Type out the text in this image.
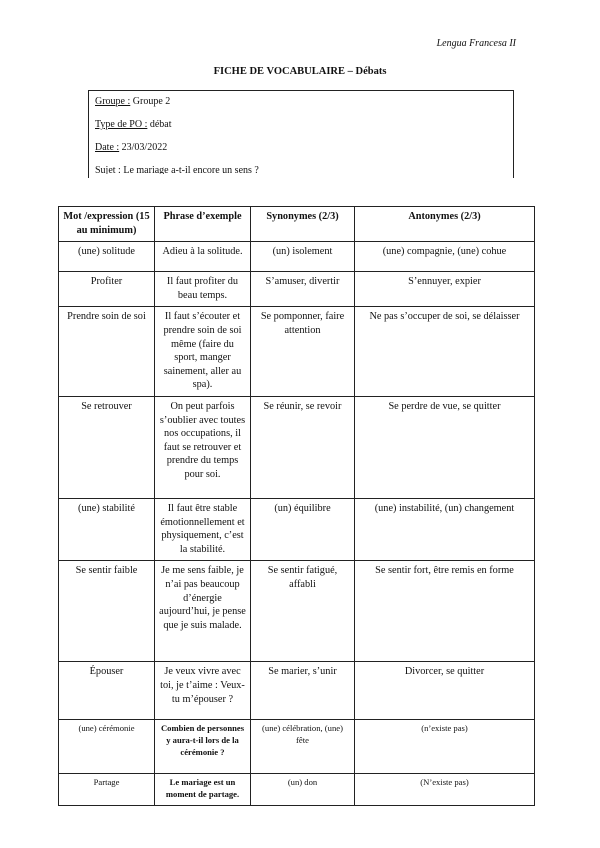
Lengua Francesa II
FICHE DE VOCABULAIRE – Débats
Groupe : Groupe 2
Type de PO : débat
Date : 23/03/2022
Sujet : Le mariage a-t-il encore un sens ?
Mot /expression (15 au minimum)	Phrase d’exemple	Synonymes (2/3)	Antonymes (2/3)
(une) solitude	Adieu à la solitude.	(un) isolement	(une) compagnie, (une) cohue
Profiter	Il faut profiter du beau temps.	S’amuser, divertir	S’ennuyer, expier
Prendre soin de soi	Il faut s’écouter et prendre soin de soi même (faire du sport, manger sainement, aller au spa).	Se pomponner, faire attention	Ne pas s’occuper de soi, se délaisser
Se retrouver	On peut parfois s’oublier avec toutes nos occupations, il faut se retrouver et prendre du temps pour soi.	Se réunir, se revoir	Se perdre de vue, se quitter
(une) stabilité	Il faut être stable émotionnellement et physiquement, c’est la stabilité.	(un) équilibre	(une) instabilité, (un) changement
Se sentir faible	Je me sens faible, je n’ai pas beaucoup d’énergie aujourd’hui, je pense que je suis malade.	Se sentir fatigué, affabli	Se sentir fort, être remis en forme
Épouser	Je veux vivre avec toi, je t’aime : Veux-tu m’épouser ?	Se marier, s’unir	Divorcer, se quitter
(une) cérémonie	Combien de personnes y aura-t-il lors de la cérémonie ?	(une) célébration, (une) fête	(n’existe pas)
Partage	Le mariage est un moment de partage.	(un) don	(N’existe pas)
